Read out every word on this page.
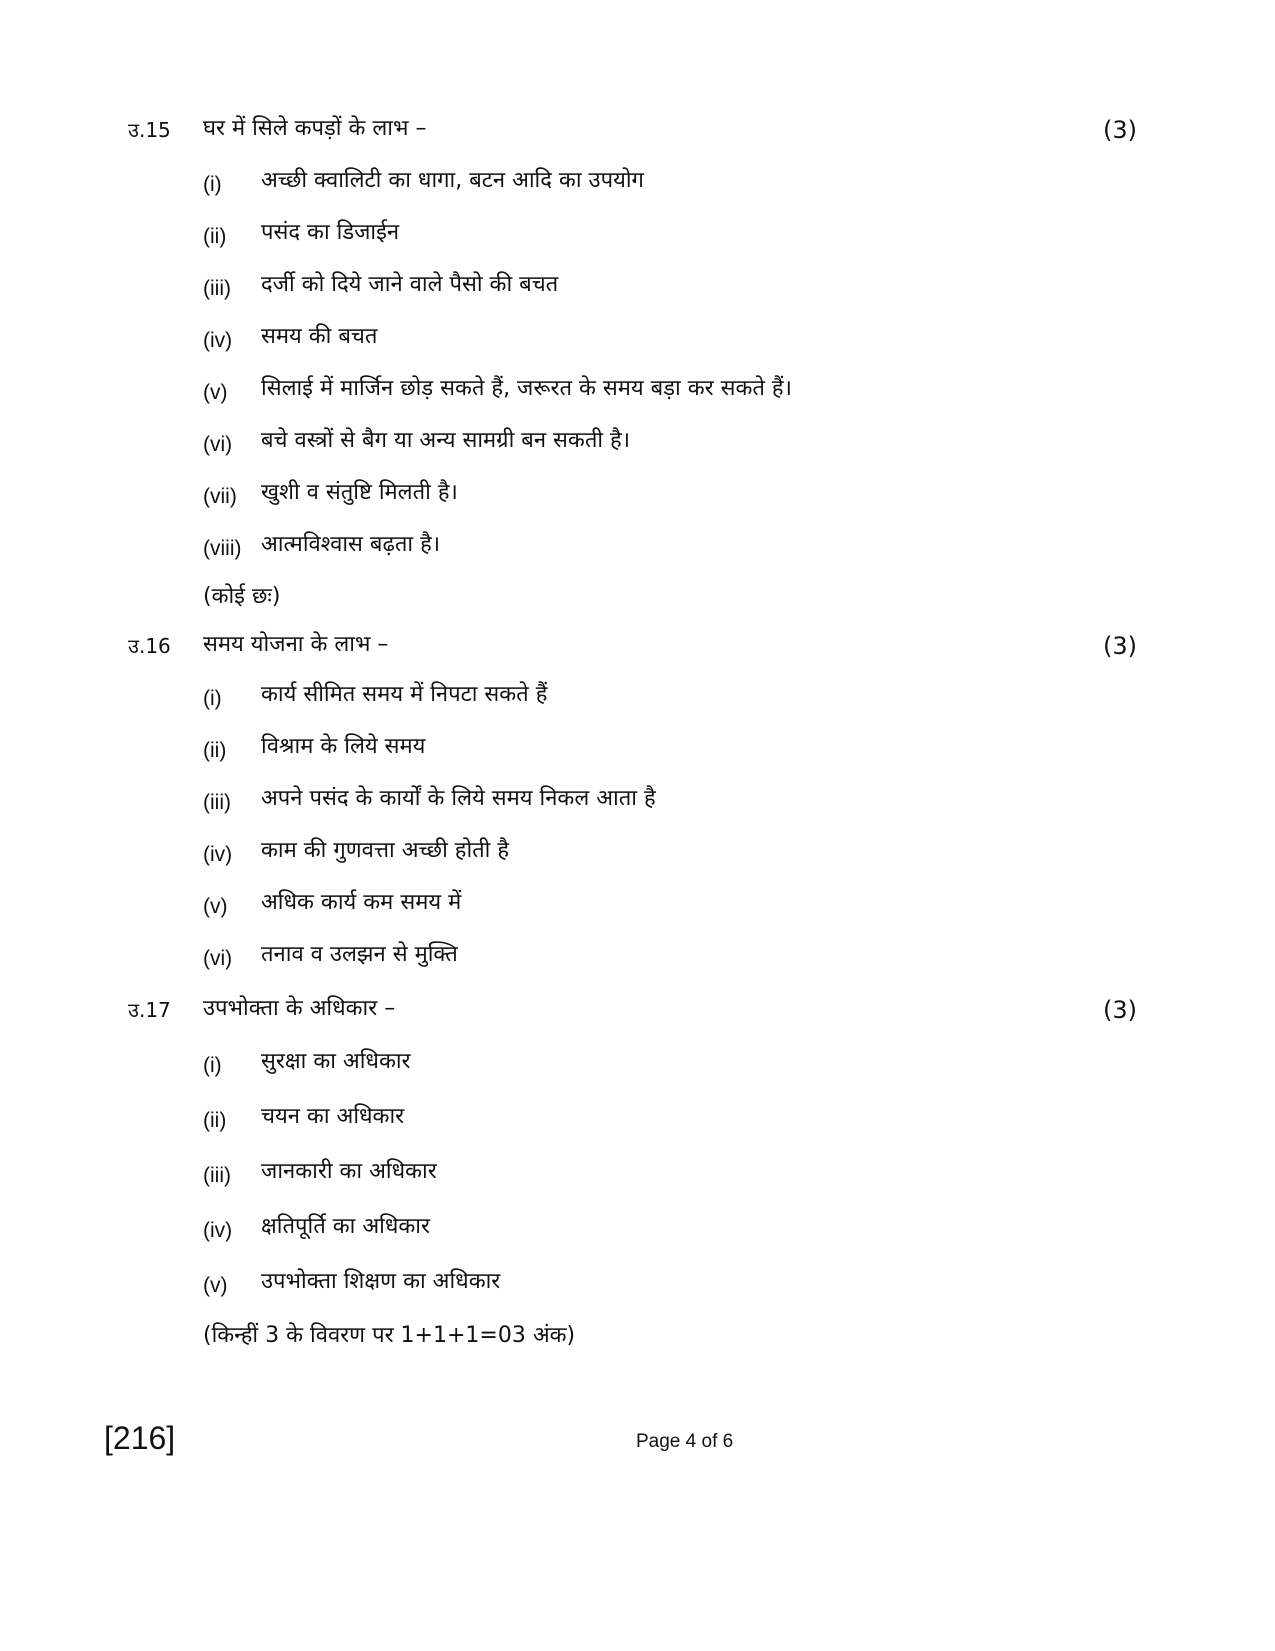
उ.15 घर में सिले कपड़ों के लाभ –	(3)
(i) अच्छी क्वालिटी का धागा, बटन आदि का उपयोग
(ii) पसंद का डिजाईन
(iii) दर्जी को दिये जाने वाले पैसो की बचत
(iv) समय की बचत
(v) सिलाई में मार्जिन छोड़ सकते हैं, जरूरत के समय बड़ा कर सकते हैं।
(vi) बचे वस्त्रों से बैग या अन्य सामग्री बन सकती है।
(vii) खुशी व संतुष्टि मिलती है।
(viii) आत्मविश्वास बढ़ता है।
(कोई छः)
उ.16 समय योजना के लाभ –	(3)
(i) कार्य सीमित समय में निपटा सकते हैं
(ii) विश्राम के लिये समय
(iii) अपने पसंद के कार्यों के लिये समय निकल आता है
(iv) काम की गुणवत्ता अच्छी होती है
(v) अधिक कार्य कम समय में
(vi) तनाव व उलझन से मुक्ति
उ.17 उपभोक्ता के अधिकार –	(3)
(i) सुरक्षा का अधिकार
(ii) चयन का अधिकार
(iii) जानकारी का अधिकार
(iv) क्षतिपूर्ति का अधिकार
(v) उपभोक्ता शिक्षण का अधिकार
(किन्हीं 3 के विवरण पर 1+1+1=03 अंक)
[216]	Page 4 of 6
